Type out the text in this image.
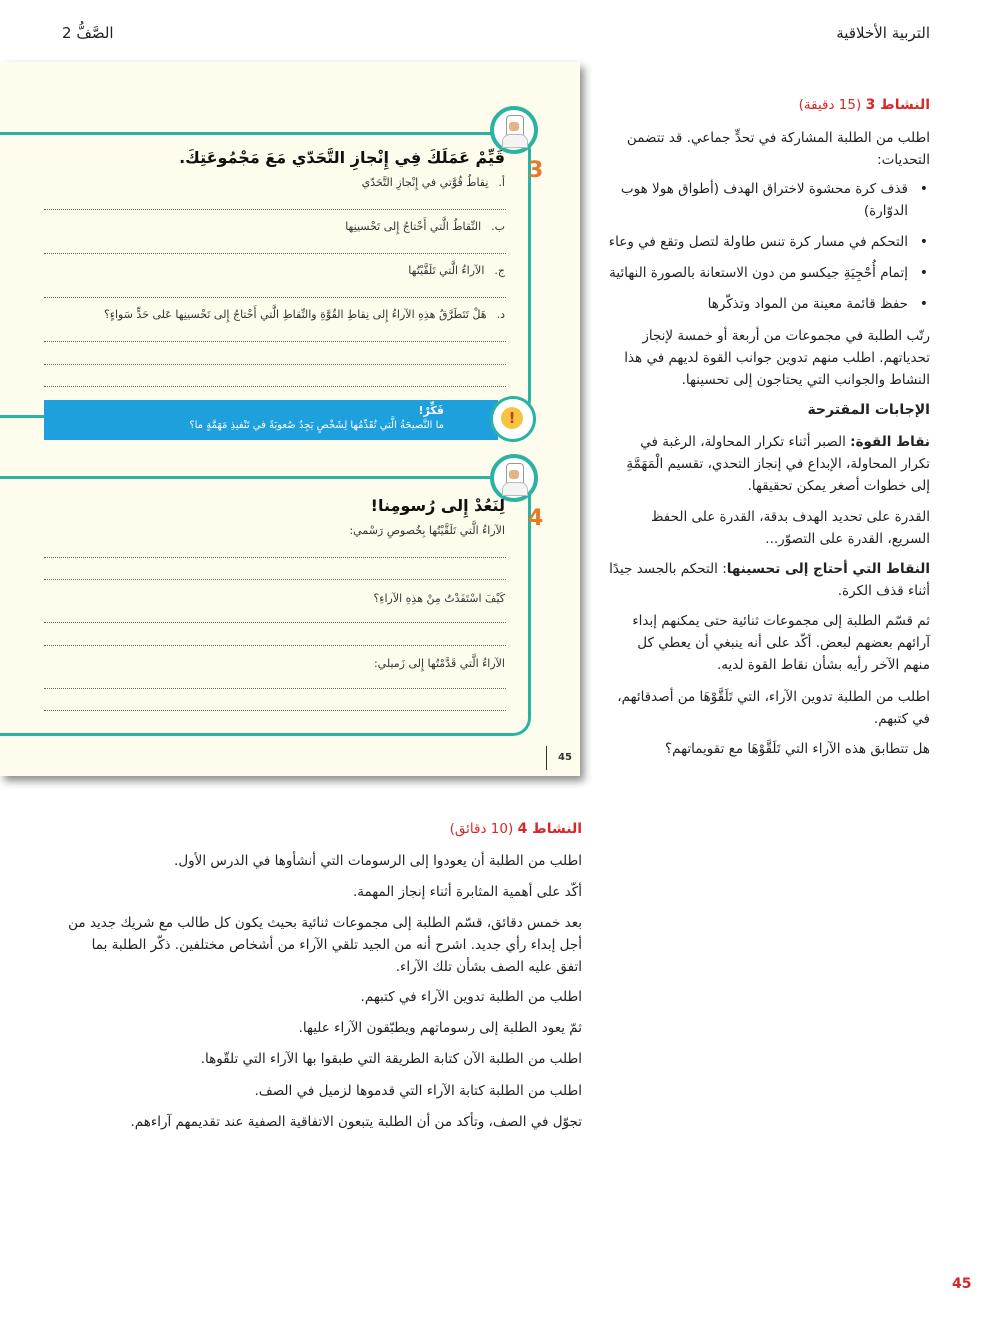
التربية الأخلاقية
الصَّفُّ 2
3
قَيِّمْ عَمَلَكَ فِي إِنْجازِ التَّحَدّي مَعَ مَجْمُوعَتِكَ.
أ.نِقاطُ قُوَّتي في إِنْجازِ التَّحَدّي
ب.النِّقاطُ الَّتي أَحْتاجُ إِلى تَحْسينِها
ج.الآراءُ الَّتي تَلَقَّيْتُها
د.هَلْ تَتَطَرَّقُ هذِهِ الآراءُ إِلى نِقاطِ القُوَّةِ والنِّقاطِ الَّتي أَحْتاجُ إِلى تَحْسينِها عَلى حَدٍّ سَواءٍ؟
فَكِّرْ!
ما النَّصيحَةُ الَّتي تُقَدِّمُها لِشَخْصٍ يَجِدُ صُعوبَةً في تَنْفيذِ مَهَمَّةٍ ما؟	!
4
لِنَعُدْ إِلى رُسومِنا!
الآراءُ الَّتي تَلَقَّيْتُها بِخُصوصِ رَسْمي:
كَيْفَ اسْتَفَدْتُ مِنْ هذِهِ الآراءِ؟
الآراءُ الَّتي قَدَّمْتُها إِلى زَميلي:
45
النشاط 3 (15 دقيقة)
اطلب من الطلبة المشاركة في تحدٍّ جماعي. قد تتضمن التحديات:
• قذف كرة محشوة لاختراق الهدف (أطواق هولا هوب الدوّارة)
• التحكم في مسار كرة تنس طاولة لتصل وتقع في وعاء
• إتمام أُحْجِيَةِ جيكسو من دون الاستعانة بالصورة النهائية
• حفظ قائمة معينة من المواد وتذكّرها
رتّب الطلبة في مجموعات من أربعة أو خمسة لإنجاز تحدياتهم. اطلب منهم تدوين جوانب القوة لديهم في هذا النشاط والجوانب التي يحتاجون إلى تحسينها.
الإجابات المقترحة
نقاط القوة: الصبر أثناء تكرار المحاولة، الرغبة في تكرار المحاولة، الإبداع في إنجاز التحدي، تقسيم الْمَهَمَّةِ إلى خطوات أصغر يمكن تحقيقها.
القدرة على تحديد الهدف بدقة، القدرة على الحفظ السريع، القدرة على التصوّر...
النقاط التي أحتاج إلى تحسينها: التحكم بالجسد جيدًا أثناء قذف الكرة.
ثم قسّم الطلبة إلى مجموعات ثنائية حتى يمكنهم إبداء آرائهم بعضهم لبعض. أكّد على أنه ينبغي أن يعطي كل منهم الآخر رأيه بشأن نقاط القوة لديه.
اطلب من الطلبة تدوين الآراء، التي تَلَقَّوْهَا من أصدقائهم، في كتبهم.
هل تتطابق هذه الآراء التي تَلَقَّوْهَا مع تقويماتهم؟
النشاط 4 (10 دقائق)
اطلب من الطلبة أن يعودوا إلى الرسومات التي أنشأوها في الدرس الأول.
أكّد على أهمية المثابرة أثناء إنجاز المهمة.
بعد خمس دقائق، قسّم الطلبة إلى مجموعات ثنائية بحيث يكون كل طالب مع شريك جديد من أجل إبداء رأي جديد. اشرح أنه من الجيد تلقي الآراء من أشخاص مختلفين. ذكّر الطلبة بما اتفق عليه الصف بشأن تلك الآراء.
اطلب من الطلبة تدوين الآراء في كتبهم.
ثمّ يعود الطلبة إلى رسوماتهم ويطبّقون الآراء عليها.
اطلب من الطلبة الآن كتابة الطريقة التي طبقوا بها الآراء التي تلقّوها.
اطلب من الطلبة كتابة الآراء التي قدموها لزميل في الصف.
تجوّل في الصف، وتأكد من أن الطلبة يتبعون الاتفاقية الصفية عند تقديمهم آراءهم.
45
